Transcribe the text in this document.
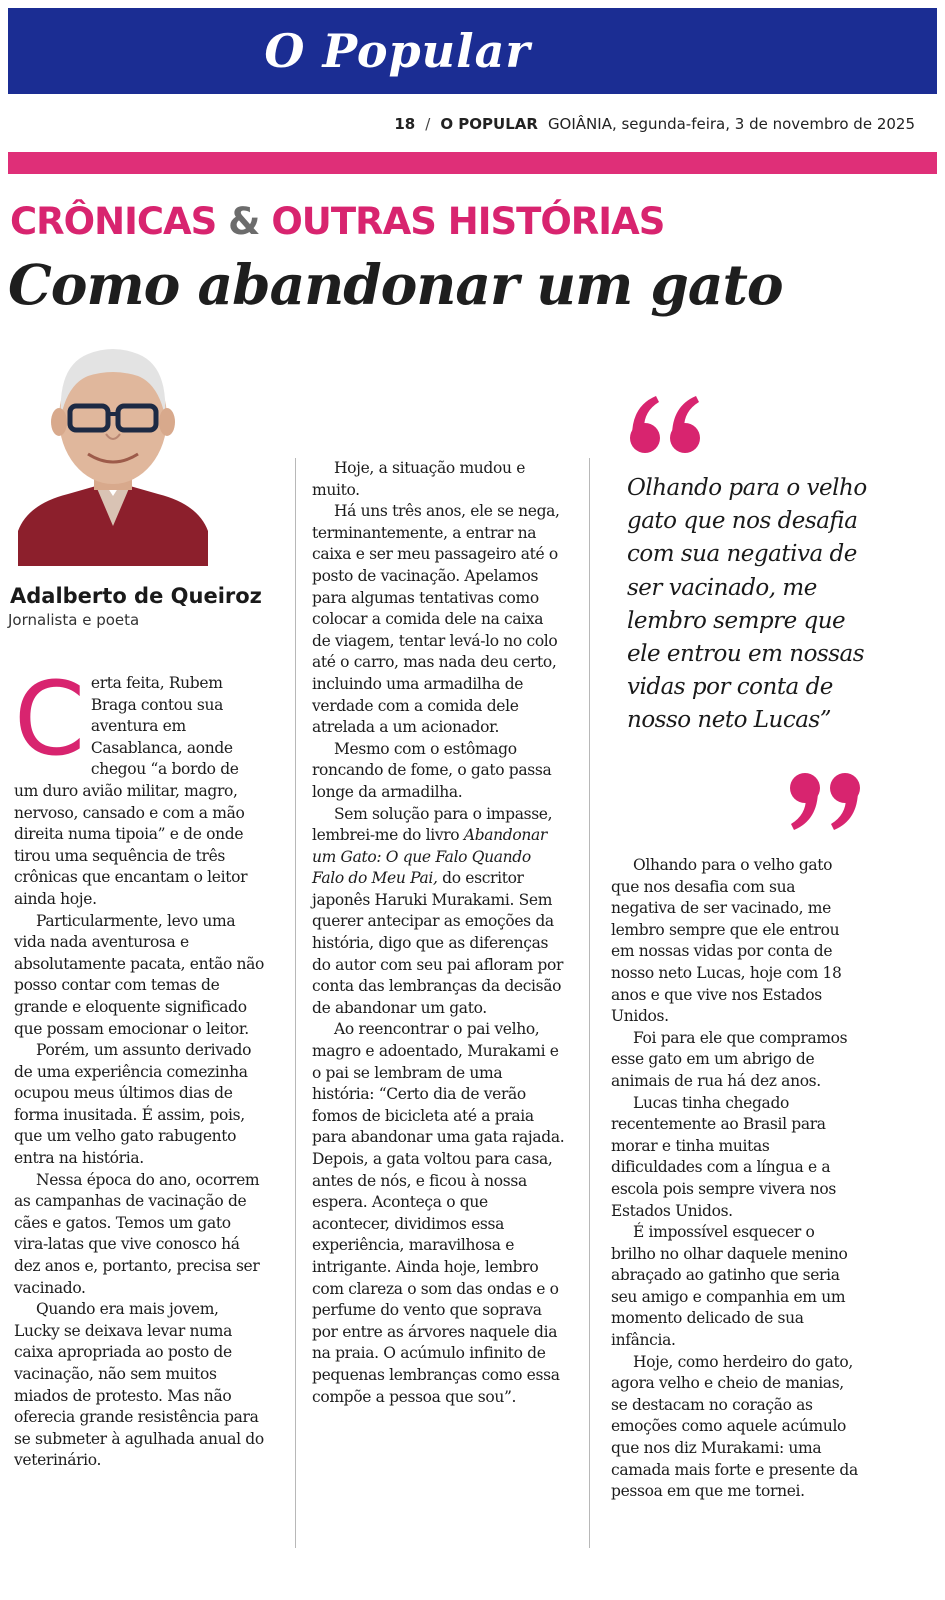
O Popular
18 / O POPULAR GOIÂNIA, segunda-feira, 3 de novembro de 2025
CRÔNICAS & OUTRAS HISTÓRIAS
Como abandonar um gato
Adalberto de Queiroz
Jornalista e poeta

Certa feita, Rubem Braga contou sua aventura em Casablanca, aonde chegou “a bordo de um duro avião militar, magro, nervoso, cansado e com a mão direita numa tipoia” e de onde tirou uma sequência de três crônicas que encantam o leitor ainda hoje.

Particularmente, levo uma vida nada aventurosa e absolutamente pacata, então não posso contar com temas de grande e eloquente significado que possam emocionar o leitor.

Porém, um assunto derivado de uma experiência comezinha ocupou meus últimos dias de forma inusitada. É assim, pois, que um velho gato rabugento entra na história.

Nessa época do ano, ocorrem as campanhas de vacinação de cães e gatos. Temos um gato vira-latas que vive conosco há dez anos e, portanto, precisa ser vacinado.

Quando era mais jovem, Lucky se deixava levar numa caixa apropriada ao posto de vacinação, não sem muitos miados de protesto. Mas não oferecia grande resistência para se submeter à agulhada anual do veterinário.

Hoje, a situação mudou e muito.

Há uns três anos, ele se nega, terminantemente, a entrar na caixa e ser meu passageiro até o posto de vacinação. Apelamos para algumas tentativas como colocar a comida dele na caixa de viagem, tentar levá-lo no colo até o carro, mas nada deu certo, incluindo uma armadilha de verdade com a comida dele atrelada a um acionador.

Mesmo com o estômago roncando de fome, o gato passa longe da armadilha.

Sem solução para o impasse, lembrei-me do livro Abandonar um Gato: O que Falo Quando Falo do Meu Pai, do escritor japonês Haruki Murakami. Sem querer antecipar as emoções da história, digo que as diferenças do autor com seu pai afloram por conta das lembranças da decisão de abandonar um gato.

Ao reencontrar o pai velho, magro e adoentado, Murakami e o pai se lembram de uma história: “Certo dia de verão fomos de bicicleta até a praia para abandonar uma gata rajada. Depois, a gata voltou para casa, antes de nós, e ficou à nossa espera. Aconteça o que acontecer, dividimos essa experiência, maravilhosa e intrigante. Ainda hoje, lembro com clareza o som das ondas e o perfume do vento que soprava por entre as árvores naquele dia na praia. O acúmulo infinito de pequenas lembranças como essa compõe a pessoa que sou”.

Olhando para o velho gato que nos desafia com sua negativa de ser vacinado, me lembro sempre que ele entrou em nossas vidas por conta de nosso neto Lucas”

Olhando para o velho gato que nos desafia com sua negativa de ser vacinado, me lembro sempre que ele entrou em nossas vidas por conta de nosso neto Lucas, hoje com 18 anos e que vive nos Estados Unidos.

Foi para ele que compramos esse gato em um abrigo de animais de rua há dez anos.

Lucas tinha chegado recentemente ao Brasil para morar e tinha muitas dificuldades com a língua e a escola pois sempre vivera nos Estados Unidos.

É impossível esquecer o brilho no olhar daquele menino abraçado ao gatinho que seria seu amigo e companhia em um momento delicado de sua infância.

Hoje, como herdeiro do gato, agora velho e cheio de manias, se destacam no coração as emoções como aquele acúmulo que nos diz Murakami: uma camada mais forte e presente da pessoa em que me tornei.
